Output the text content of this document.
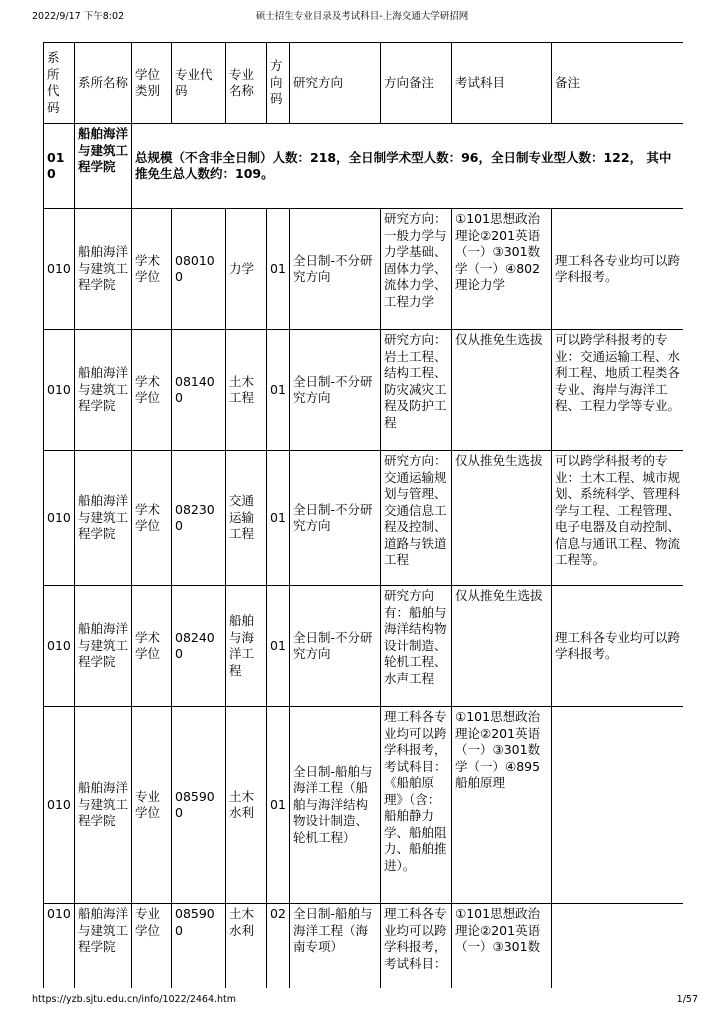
2022/9/17 下午8:02	硕士招生专业目录及考试科目-上海交通大学研招网
系所代码	系所名称	学位类别	专业代码	专业名称	方向码	研究方向	方向备注	考试科目	备注
010	船舶海洋与建筑工程学院	总规模（不含非全日制）人数：218，全日制学术型人数：96，全日制专业型人数：122， 其中推免生总人数约：109。							
010	船舶海洋与建筑工程学院	学术学位	080100	力学	01	全日制-不分研究方向	研究方向：一般力学与力学基础、固体力学、流体力学、工程力学	①101思想政治理论②201英语（一）③301数学（一）④802理论力学	理工科各专业均可以跨学科报考。
010	船舶海洋与建筑工程学院	学术学位	081400	土木工程	01	全日制-不分研究方向	研究方向：岩土工程、结构工程、防灾减灾工程及防护工程	仅从推免生选拔	可以跨学科报考的专业：交通运输工程、水利工程、地质工程类各专业、海岸与海洋工程、工程力学等专业。
010	船舶海洋与建筑工程学院	学术学位	082300	交通运输工程	01	全日制-不分研究方向	研究方向：交通运输规划与管理、交通信息工程及控制、道路与铁道工程	仅从推免生选拔	可以跨学科报考的专业：土木工程、城市规划、系统科学、管理科学与工程、工程管理、电子电器及自动控制、信息与通讯工程、物流工程等。
010	船舶海洋与建筑工程学院	学术学位	082400	船舶与海洋工程	01	全日制-不分研究方向	研究方向有：船舶与海洋结构物设计制造、轮机工程、水声工程	仅从推免生选拔	理工科各专业均可以跨学科报考。
010	船舶海洋与建筑工程学院	专业学位	085900	土木水利	01	全日制-船舶与海洋工程（船舶与海洋结构物设计制造、轮机工程）	理工科各专业均可以跨学科报考，考试科目：《船舶原理》（含：船舶静力学、船舶阻力、船舶推进）。	①101思想政治理论②201英语（一）③301数学（一）④895船舶原理	
010	船舶海洋与建筑工程学院	专业学位	085900	土木水利	02	全日制-船舶与海洋工程（海南专项）	理工科各专业均可以跨学科报考，考试科目：	①101思想政治理论②201英语（一）③301数	
https://yzb.sjtu.edu.cn/info/1022/2464.htm	1/57
